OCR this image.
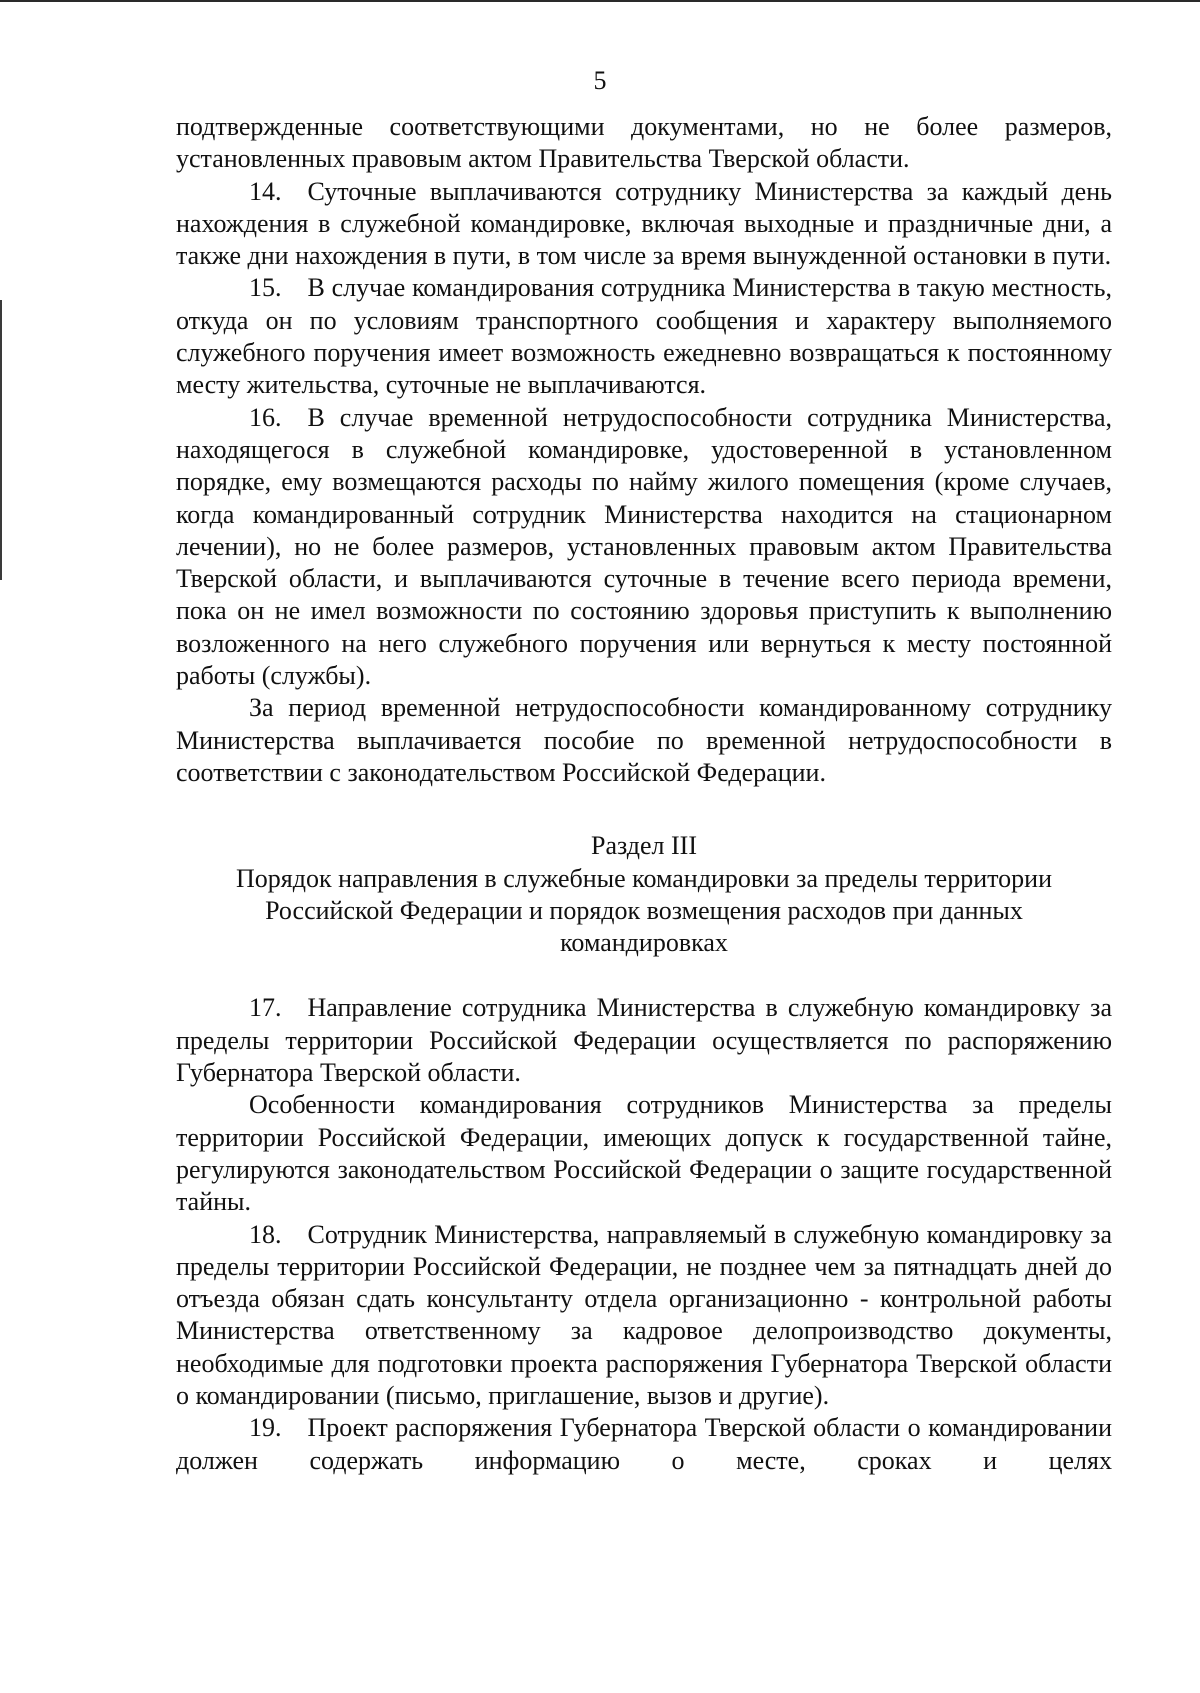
5

подтвержденные соответствующими документами, но не более размеров, установленных правовым актом Правительства Тверской области.

14. Суточные выплачиваются сотруднику Министерства за каждый день нахождения в служебной командировке, включая выходные и праздничные дни, а также дни нахождения в пути, в том числе за время вынужденной остановки в пути.

15. В случае командирования сотрудника Министерства в такую местность, откуда он по условиям транспортного сообщения и характеру выполняемого служебного поручения имеет возможность ежедневно возвращаться к постоянному месту жительства, суточные не выплачиваются.

16. В случае временной нетрудоспособности сотрудника Министерства, находящегося в служебной командировке, удостоверенной в установленном порядке, ему возмещаются расходы по найму жилого помещения (кроме случаев, когда командированный сотрудник Министерства находится на стационарном лечении), но не более размеров, установленных правовым актом Правительства Тверской области, и выплачиваются суточные в течение всего периода времени, пока он не имел возможности по состоянию здоровья приступить к выполнению возложенного на него служебного поручения или вернуться к месту постоянной работы (службы).

За период временной нетрудоспособности командированному сотруднику Министерства выплачивается пособие по временной нетрудоспособности в соответствии с законодательством Российской Федерации.

Раздел III
Порядок направления в служебные командировки за пределы территории
Российской Федерации и порядок возмещения расходов при данных
командировках

17. Направление сотрудника Министерства в служебную командировку за пределы территории Российской Федерации осуществляется по распоряжению Губернатора Тверской области.

Особенности командирования сотрудников Министерства за пределы территории Российской Федерации, имеющих допуск к государственной тайне, регулируются законодательством Российской Федерации о защите государственной тайны.

18. Сотрудник Министерства, направляемый в служебную командировку за пределы территории Российской Федерации, не позднее чем за пятнадцать дней до отъезда обязан сдать консультанту отдела организационно - контрольной работы Министерства ответственному за кадровое делопроизводство документы, необходимые для подготовки проекта распоряжения Губернатора Тверской области о командировании (письмо, приглашение, вызов и другие).

19. Проект распоряжения Губернатора Тверской области о командировании должен содержать информацию о месте, сроках и целях
